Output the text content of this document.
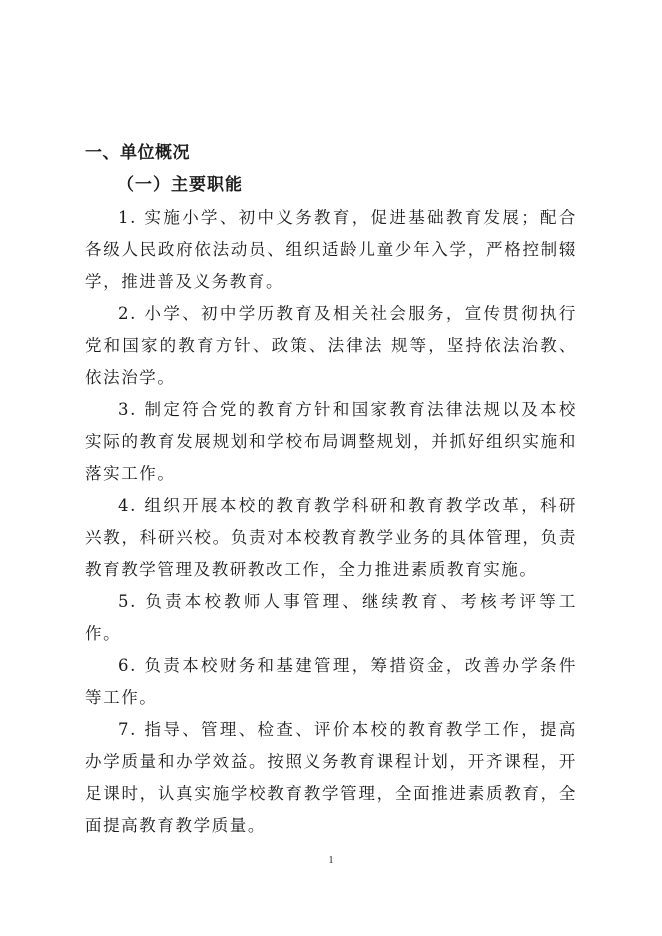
一、单位概况
（一）主要职能

1. 实施小学、初中义务教育，促进基础教育发展；配合各级人民政府依法动员、组织适龄儿童少年入学，严格控制辍学，推进普及义务教育。

2. 小学、初中学历教育及相关社会服务，宣传贯彻执行党和国家的教育方针、政策、法律法 规等，坚持依法治教、依法治学。

3. 制定符合党的教育方针和国家教育法律法规以及本校实际的教育发展规划和学校布局调整规划，并抓好组织实施和落实工作。

4. 组织开展本校的教育教学科研和教育教学改革，科研兴教，科研兴校。负责对本校教育教学业务的具体管理，负责教育教学管理及教研教改工作，全力推进素质教育实施。

5. 负责本校教师人事管理、继续教育、考核考评等工作。

6. 负责本校财务和基建管理，筹措资金，改善办学条件等工作。

7. 指导、管理、检查、评价本校的教育教学工作，提高办学质量和办学效益。按照义务教育课程计划，开齐课程，开足课时，认真实施学校教育教学管理，全面推进素质教育，全面提高教育教学质量。

1
